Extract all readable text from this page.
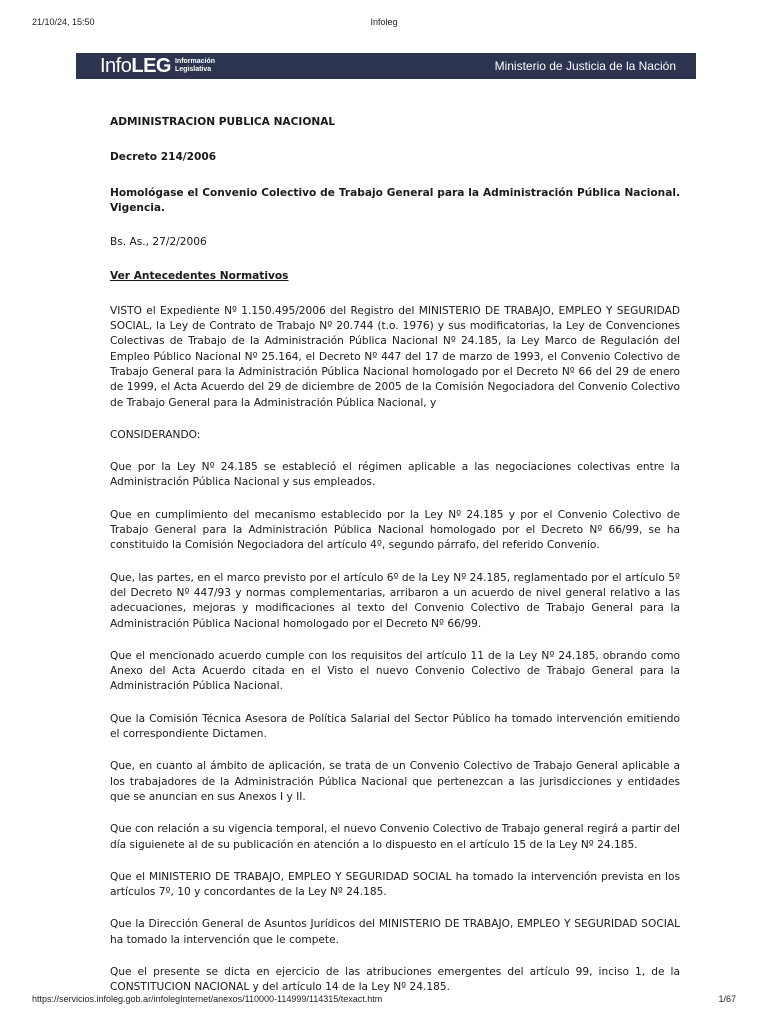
21/10/24, 15:50	Infoleg
InfoLEG Información
Legislativa	Ministerio de Justicia de la Nación

ADMINISTRACION PUBLICA NACIONAL

Decreto 214/2006

Homológase el Convenio Colectivo de Trabajo General para la Administración Pública Nacional. Vigencia.

Bs. As., 27/2/2006

Ver Antecedentes Normativos

VISTO el Expediente Nº 1.150.495/2006 del Registro del MINISTERIO DE TRABAJO, EMPLEO Y SEGURIDAD SOCIAL, la Ley de Contrato de Trabajo Nº 20.744 (t.o. 1976) y sus modificatorias, la Ley de Convenciones Colectivas de Trabajo de la Administración Pública Nacional Nº 24.185, la Ley Marco de Regulación del Empleo Público Nacional Nº 25.164, el Decreto Nº 447 del 17 de marzo de 1993, el Convenio Colectivo de Trabajo General para la Administración Pública Nacional homologado por el Decreto Nº 66 del 29 de enero de 1999, el Acta Acuerdo del 29 de diciembre de 2005 de la Comisión Negociadora del Convenio Colectivo de Trabajo General para la Administración Pública Nacional, y

CONSIDERANDO:

Que por la Ley Nº 24.185 se estableció el régimen aplicable a las negociaciones colectivas entre la Administración Pública Nacional y sus empleados.

Que en cumplimiento del mecanismo establecido por la Ley Nº 24.185 y por el Convenio Colectivo de Trabajo General para la Administración Pública Nacional homologado por el Decreto Nº 66/99, se ha constituido la Comisión Negociadora del artículo 4º, segundo párrafo, del referido Convenio.

Que, las partes, en el marco previsto por el artículo 6º de la Ley Nº 24.185, reglamentado por el artículo 5º del Decreto Nº 447/93 y normas complementarias, arribaron a un acuerdo de nivel general relativo a las adecuaciones, mejoras y modificaciones al texto del Convenio Colectivo de Trabajo General para la Administración Pública Nacional homologado por el Decreto Nº 66/99.

Que el mencionado acuerdo cumple con los requisitos del artículo 11 de la Ley Nº 24.185, obrando como Anexo del Acta Acuerdo citada en el Visto el nuevo Convenio Colectivo de Trabajo General para la Administración Pública Nacional.

Que la Comisión Técnica Asesora de Política Salarial del Sector Público ha tomado intervención emitiendo el correspondiente Dictamen.

Que, en cuanto al ámbito de aplicación, se trata de un Convenio Colectivo de Trabajo General aplicable a los trabajadores de la Administración Pública Nacional que pertenezcan a las jurisdicciones y entidades que se anuncian en sus Anexos I y II.

Que con relación a su vigencia temporal, el nuevo Convenio Colectivo de Trabajo general regirá a partir del día siguienete al de su publicación en atención a lo dispuesto en el artículo 15 de la Ley Nº 24.185.

Que el MINISTERIO DE TRABAJO, EMPLEO Y SEGURIDAD SOCIAL ha tomado la intervención prevista en los artículos 7º, 10 y concordantes de la Ley Nº 24.185.

Que la Dirección General de Asuntos Jurídicos del MINISTERIO DE TRABAJO, EMPLEO Y SEGURIDAD SOCIAL ha tomado la intervención que le compete.

Que el presente se dicta en ejercicio de las atribuciones emergentes del artículo 99, inciso 1, de la CONSTITUCION NACIONAL y del artículo 14 de la Ley Nº 24.185.

https://servicios.infoleg.gob.ar/infolegInternet/anexos/110000-114999/114315/texact.htm	1/67
